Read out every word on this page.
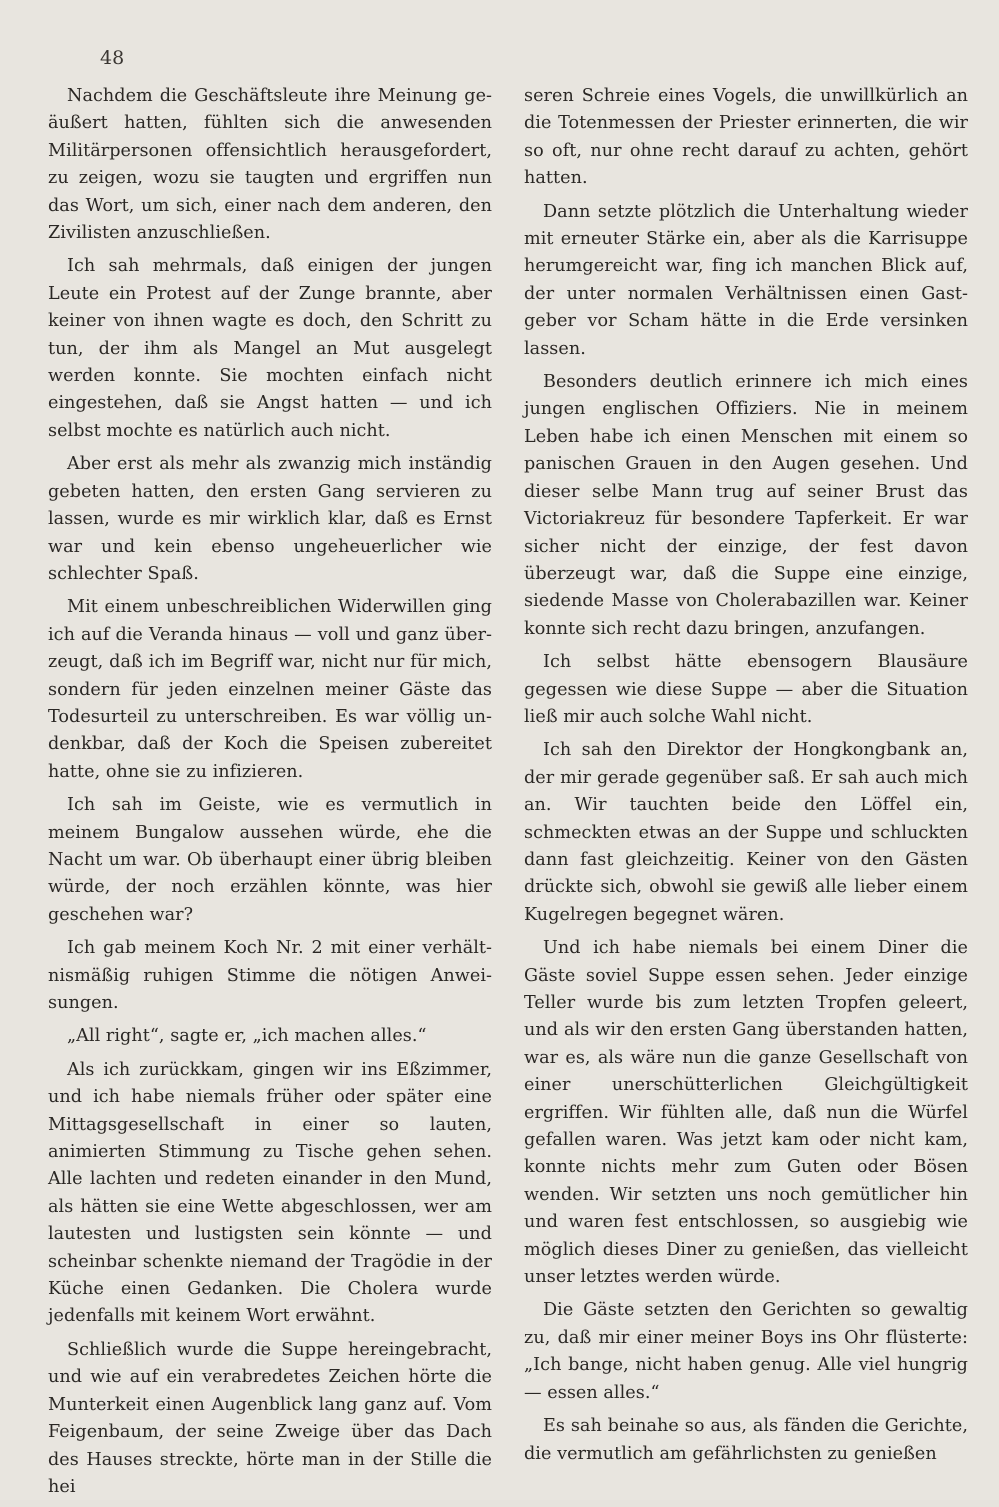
48

Nachdem die Geschäftsleute ihre Meinung geäußert hatten, fühlten sich die anwesenden Militärpersonen offensichtlich herausgefordert, zu zeigen, wozu sie taugten und ergriffen nun das Wort, um sich, einer nach dem anderen, den Zivilisten anzuschließen.

Ich sah mehrmals, daß einigen der jungen Leute ein Protest auf der Zunge brannte, aber keiner von ihnen wagte es doch, den Schritt zu tun, der ihm als Mangel an Mut ausgelegt werden konnte. Sie mochten einfach nicht eingestehen, daß sie Angst hatten — und ich selbst mochte es natürlich auch nicht.

Aber erst als mehr als zwanzig mich inständig gebeten hatten, den ersten Gang servieren zu lassen, wurde es mir wirklich klar, daß es Ernst war und kein ebenso ungeheuerlicher wie schlechter Spaß.

Mit einem unbeschreiblichen Widerwillen ging ich auf die Veranda hinaus — voll und ganz überzeugt, daß ich im Begriff war, nicht nur für mich, sondern für jeden einzelnen meiner Gäste das Todesurteil zu unterschreiben. Es war völlig undenkbar, daß der Koch die Speisen zubereitet hatte, ohne sie zu infizieren.

Ich sah im Geiste, wie es vermutlich in meinem Bungalow aussehen würde, ehe die Nacht um war. Ob überhaupt einer übrig bleiben würde, der noch erzählen könnte, was hier geschehen war?

Ich gab meinem Koch Nr. 2 mit einer verhältnismäßig ruhigen Stimme die nötigen Anweisungen.

„All right“, sagte er, „ich machen alles.“

Als ich zurückkam, gingen wir ins Eßzimmer, und ich habe niemals früher oder später eine Mittagsgesellschaft in einer so lauten, animierten Stimmung zu Tische gehen sehen. Alle lachten und redeten einander in den Mund, als hätten sie eine Wette abgeschlossen, wer am lautesten und lustigsten sein könnte — und scheinbar schenkte niemand der Tragödie in der Küche einen Gedanken. Die Cholera wurde jedenfalls mit keinem Wort erwähnt.

Schließlich wurde die Suppe hereingebracht, und wie auf ein verabredetes Zeichen hörte die Munterkeit einen Augenblick lang ganz auf. Vom Feigenbaum, der seine Zweige über das Dach des Hauses streckte, hörte man in der Stille die hei

seren Schreie eines Vogels, die unwillkürlich an die Totenmessen der Priester erinnerten, die wir so oft, nur ohne recht darauf zu achten, gehört hatten.

Dann setzte plötzlich die Unterhaltung wieder mit erneuter Stärke ein, aber als die Karrisuppe herumgereicht war, fing ich manchen Blick auf, der unter normalen Verhältnissen einen Gastgeber vor Scham hätte in die Erde versinken lassen.

Besonders deutlich erinnere ich mich eines jungen englischen Offiziers. Nie in meinem Leben habe ich einen Menschen mit einem so panischen Grauen in den Augen gesehen. Und dieser selbe Mann trug auf seiner Brust das Victoriakreuz für besondere Tapferkeit. Er war sicher nicht der einzige, der fest davon überzeugt war, daß die Suppe eine einzige, siedende Masse von Cholerabazillen war. Keiner konnte sich recht dazu bringen, anzufangen.

Ich selbst hätte ebensogern Blausäure gegessen wie diese Suppe — aber die Situation ließ mir auch solche Wahl nicht.

Ich sah den Direktor der Hongkongbank an, der mir gerade gegenüber saß. Er sah auch mich an. Wir tauchten beide den Löffel ein, schmeckten etwas an der Suppe und schluckten dann fast gleichzeitig. Keiner von den Gästen drückte sich, obwohl sie gewiß alle lieber einem Kugelregen begegnet wären.

Und ich habe niemals bei einem Diner die Gäste soviel Suppe essen sehen. Jeder einzige Teller wurde bis zum letzten Tropfen geleert, und als wir den ersten Gang überstanden hatten, war es, als wäre nun die ganze Gesellschaft von einer unerschütterlichen Gleichgültigkeit ergriffen. Wir fühlten alle, daß nun die Würfel gefallen waren. Was jetzt kam oder nicht kam, konnte nichts mehr zum Guten oder Bösen wenden. Wir setzten uns noch gemütlicher hin und waren fest entschlossen, so ausgiebig wie möglich dieses Diner zu genießen, das vielleicht unser letztes werden würde.

Die Gäste setzten den Gerichten so gewaltig zu, daß mir einer meiner Boys ins Ohr flüsterte: „Ich bange, nicht haben genug. Alle viel hungrig — essen alles.“

Es sah beinahe so aus, als fänden die Gerichte, die vermutlich am gefährlichsten zu genießen
